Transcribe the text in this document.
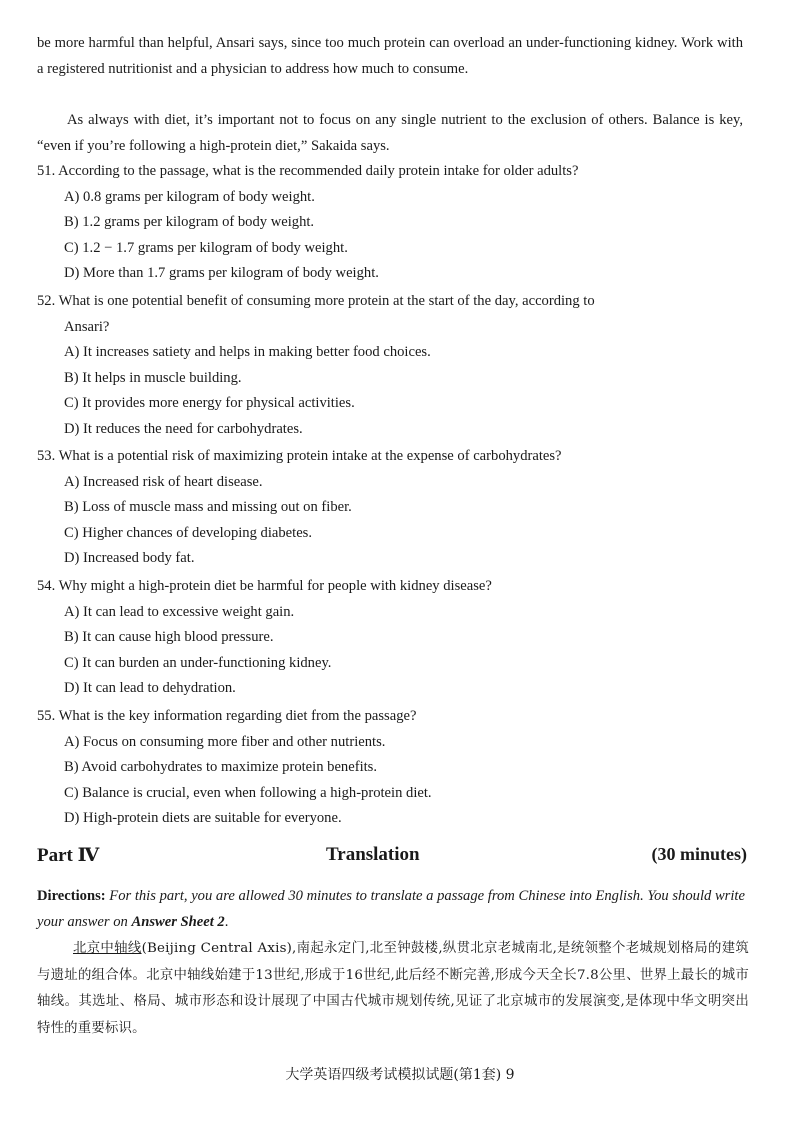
be more harmful than helpful, Ansari says, since too much protein can overload an under-functioning kidney. Work with a registered nutritionist and a physician to address how much to consume.
As always with diet, it’s important not to focus on any single nutrient to the exclusion of others. Balance is key, “even if you’re following a high-protein diet,” Sakaida says.
51. According to the passage, what is the recommended daily protein intake for older adults?
A) 0.8 grams per kilogram of body weight.
B) 1.2 grams per kilogram of body weight.
C) 1.2 − 1.7 grams per kilogram of body weight.
D) More than 1.7 grams per kilogram of body weight.
52. What is one potential benefit of consuming more protein at the start of the day, according to
Ansari?
A) It increases satiety and helps in making better food choices.
B) It helps in muscle building.
C) It provides more energy for physical activities.
D) It reduces the need for carbohydrates.
53. What is a potential risk of maximizing protein intake at the expense of carbohydrates?
A) Increased risk of heart disease.
B) Loss of muscle mass and missing out on fiber.
C) Higher chances of developing diabetes.
D) Increased body fat.
54. Why might a high-protein diet be harmful for people with kidney disease?
A) It can lead to excessive weight gain.
B) It can cause high blood pressure.
C) It can burden an under-functioning kidney.
D) It can lead to dehydration.
55. What is the key information regarding diet from the passage?
A) Focus on consuming more fiber and other nutrients.
B) Avoid carbohydrates to maximize protein benefits.
C) Balance is crucial, even when following a high-protein diet.
D) High-protein diets are suitable for everyone.
Part Ⅳ	Translation	(30 minutes)
Directions: For this part, you are allowed 30 minutes to translate a passage from Chinese into English. You should write your answer on Answer Sheet 2.
北京中轴线(Beijing Central Axis),南起永定门,北至钟鼓楼,纵贯北京老城南北,是统领整个老城规划格局的建筑与遗址的组合体。北京中轴线始建于13世纪,形成于16世纪,此后经不断完善,形成今天全长7.8公里、世界上最长的城市轴线。其选址、格局、城市形态和设计展现了中国古代城市规划传统,见证了北京城市的发展演变,是体现中华文明突出特性的重要标识。
大学英语四级考试模拟试题(第1套) 9
